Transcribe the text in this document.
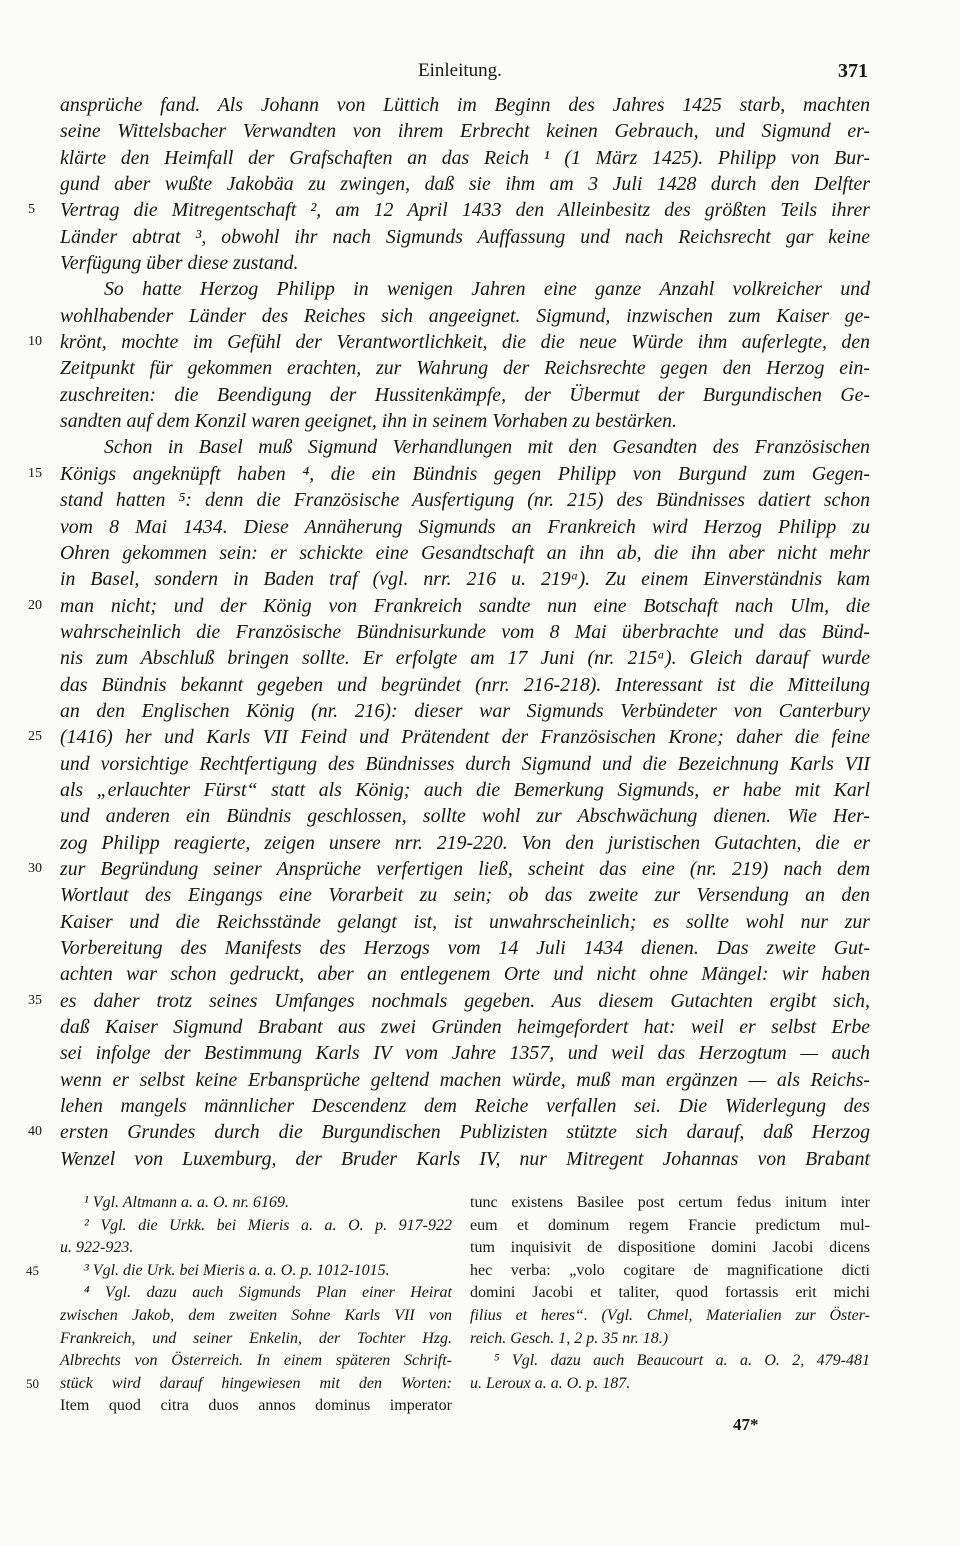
Einleitung.	371
ansprüche fand. Als Johann von Lüttich im Beginn des Jahres 1425 starb, machten
seine Wittelsbacher Verwandten von ihrem Erbrecht keinen Gebrauch, und Sigmund er-
klärte den Heimfall der Grafschaften an das Reich ¹ (1 März 1425). Philipp von Bur-
gund aber wußte Jakobäa zu zwingen, daß sie ihm am 3 Juli 1428 durch den Delfter
5	Vertrag die Mitregentschaft ², am 12 April 1433 den Alleinbesitz des größten Teils ihrer
Länder abtrat ³, obwohl ihr nach Sigmunds Auffassung und nach Reichsrecht gar keine
Verfügung über diese zustand.
So hatte Herzog Philipp in wenigen Jahren eine ganze Anzahl volkreicher und
wohlhabender Länder des Reiches sich angeeignet. Sigmund, inzwischen zum Kaiser ge-
10 krönt, mochte im Gefühl der Verantwortlichkeit, die die neue Würde ihm auferlegte, den
Zeitpunkt für gekommen erachten, zur Wahrung der Reichsrechte gegen den Herzog ein-
zuschreiten: die Beendigung der Hussitenkämpfe, der Übermut der Burgundischen Ge-
sandten auf dem Konzil waren geeignet, ihn in seinem Vorhaben zu bestärken.
Schon in Basel muß Sigmund Verhandlungen mit den Gesandten des Französischen
15 Königs angeknüpft haben ⁴, die ein Bündnis gegen Philipp von Burgund zum Gegen-
stand hatten ⁵: denn die Französische Ausfertigung (nr. 215) des Bündnisses datiert schon
vom 8 Mai 1434. Diese Annäherung Sigmunds an Frankreich wird Herzog Philipp zu
Ohren gekommen sein: er schickte eine Gesandtschaft an ihn ab, die ihn aber nicht mehr
in Basel, sondern in Baden traf (vgl. nrr. 216 u. 219ᵃ). Zu einem Einverständnis kam
20 man nicht; und der König von Frankreich sandte nun eine Botschaft nach Ulm, die
wahrscheinlich die Französische Bündnisurkunde vom 8 Mai überbrachte und das Bünd-
nis zum Abschluß bringen sollte. Er erfolgte am 17 Juni (nr. 215ᵃ). Gleich darauf wurde
das Bündnis bekannt gegeben und begründet (nrr. 216-218). Interessant ist die Mitteilung
an den Englischen König (nr. 216): dieser war Sigmunds Verbündeter von Canterbury
25 (1416) her und Karls VII Feind und Prätendent der Französischen Krone; daher die feine
und vorsichtige Rechtfertigung des Bündnisses durch Sigmund und die Bezeichnung Karls VII
als „erlauchter Fürst“ statt als König; auch die Bemerkung Sigmunds, er habe mit Karl
und anderen ein Bündnis geschlossen, sollte wohl zur Abschwächung dienen. Wie Her-
zog Philipp reagierte, zeigen unsere nrr. 219-220. Von den juristischen Gutachten, die er
30 zur Begründung seiner Ansprüche verfertigen ließ, scheint das eine (nr. 219) nach dem
Wortlaut des Eingangs eine Vorarbeit zu sein; ob das zweite zur Versendung an den
Kaiser und die Reichsstände gelangt ist, ist unwahrscheinlich; es sollte wohl nur zur
Vorbereitung des Manifests des Herzogs vom 14 Juli 1434 dienen. Das zweite Gut-
achten war schon gedruckt, aber an entlegenem Orte und nicht ohne Mängel: wir haben
35 es daher trotz seines Umfanges nochmals gegeben. Aus diesem Gutachten ergibt sich,
daß Kaiser Sigmund Brabant aus zwei Gründen heimgefordert hat: weil er selbst Erbe
sei infolge der Bestimmung Karls IV vom Jahre 1357, und weil das Herzogtum — auch
wenn er selbst keine Erbansprüche geltend machen würde, muß man ergänzen — als Reichs-
lehen mangels männlicher Descendenz dem Reiche verfallen sei. Die Widerlegung des
40 ersten Grundes durch die Burgundischen Publizisten stützte sich darauf, daß Herzog
Wenzel von Luxemburg, der Bruder Karls IV, nur Mitregent Johannas von Brabant
¹ Vgl. Altmann a. a. O. nr. 6169.
² Vgl. die Urkk. bei Mieris a. a. O. p. 917-922
u. 922-923.
45	³ Vgl. die Urk. bei Mieris a. a. O. p. 1012-1015.
⁴ Vgl. dazu auch Sigmunds Plan einer Heirat
zwischen Jakob, dem zweiten Sohne Karls VII von
Frankreich, und seiner Enkelin, der Tochter Hzg.
Albrechts von Österreich. In einem späteren Schrift-
50	stück wird darauf hingewiesen mit den Worten:
Item quod citra duos annos dominus imperator
tunc existens Basilee post certum fedus initum inter
eum et dominum regem Francie predictum mul-
tum inquisivit de dispositione domini Jacobi dicens
hec verba: „volo cogitare de magnificatione dicti
domini Jacobi et taliter, quod fortassis erit michi
filius et heres“. (Vgl. Chmel, Materialien zur Öster-
reich. Gesch. 1, 2 p. 35 nr. 18.)
⁵ Vgl. dazu auch Beaucourt a. a. O. 2, 479-481
u. Leroux a. a. O. p. 187.
47*
